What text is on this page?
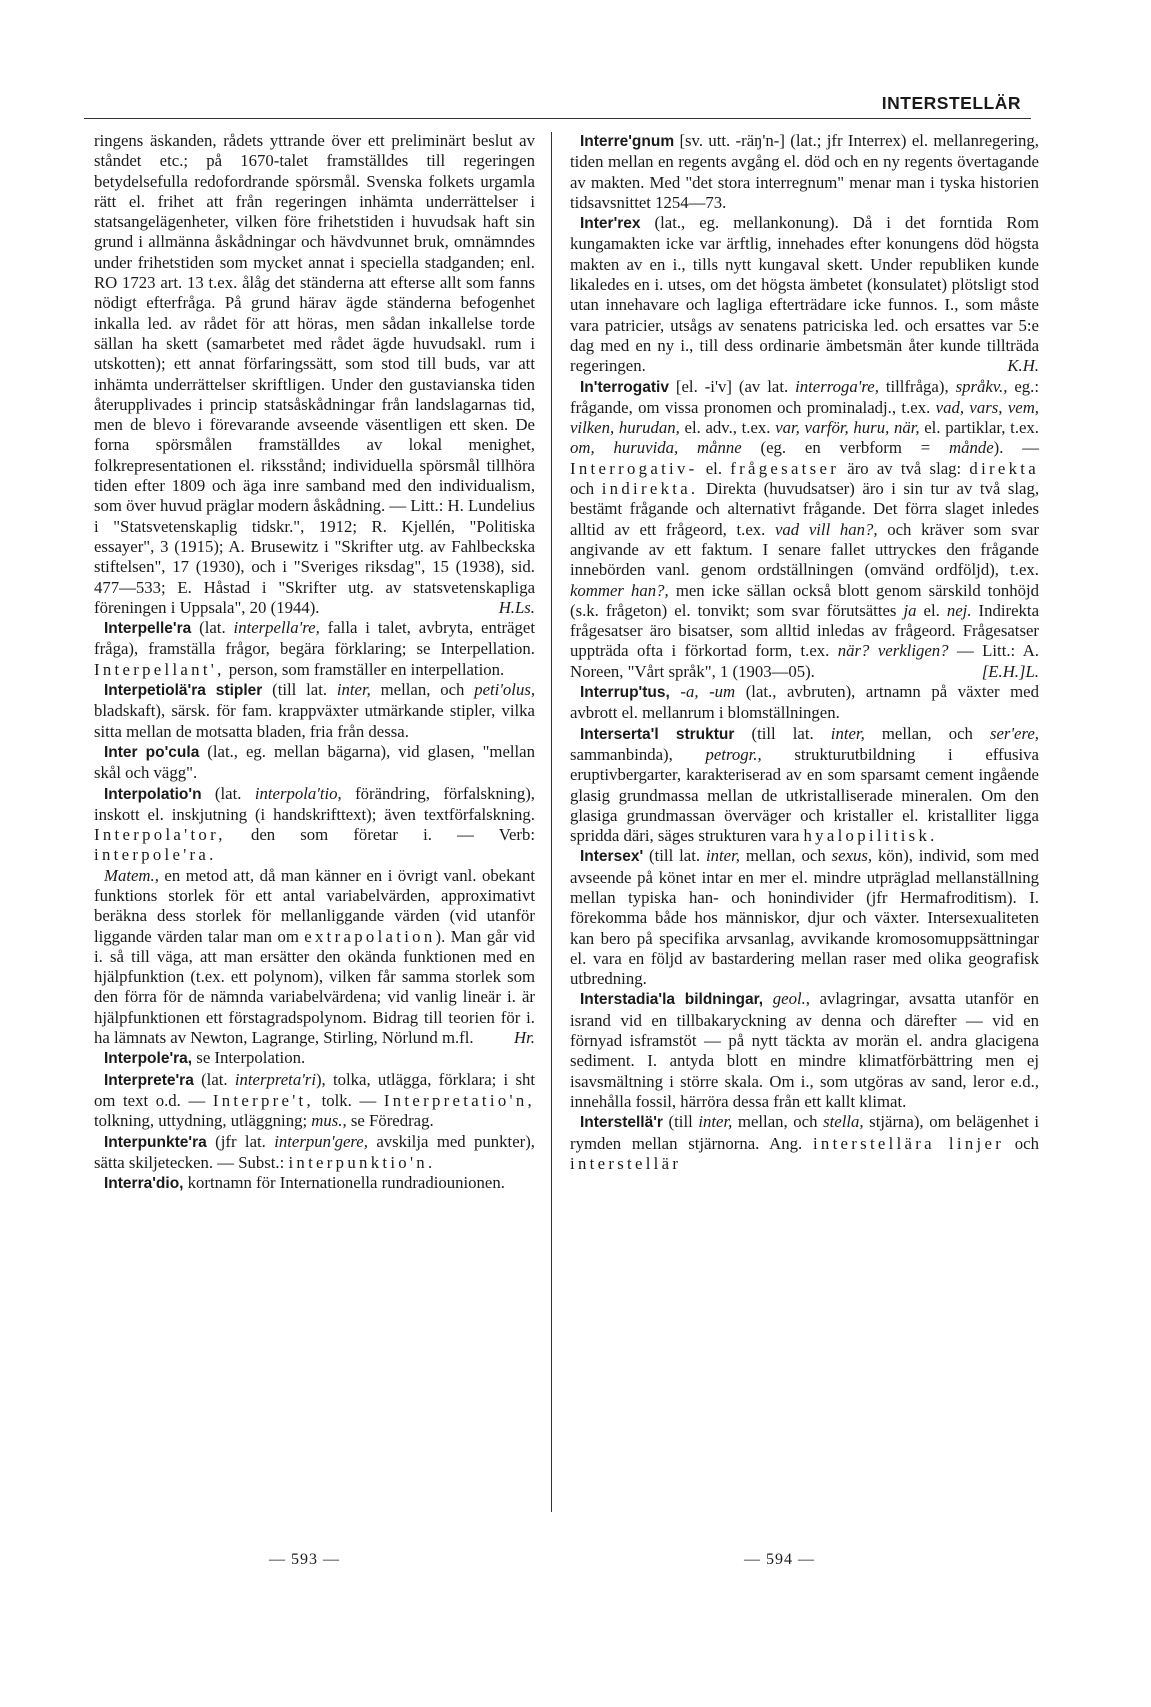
INTERSTELLÄR

ringens äskanden, rådets yttrande över ett preliminärt beslut av ståndet etc.; på 1670-talet framställdes till regeringen betydelsefulla redofordrande spörsmål. Svenska folkets urgamla rätt el. frihet att från regeringen inhämta underrättelser i statsangelägenheter, vilken före frihetstiden i huvudsak haft sin grund i allmänna åskådningar och hävdvunnet bruk, omnämndes under frihetstiden som mycket annat i speciella stadganden; enl. RO 1723 art. 13 t.ex. ålåg det ständerna att efterse allt som fanns nödigt efterfråga. På grund härav ägde ständerna befogenhet inkalla led. av rådet för att höras, men sådan inkallelse torde sällan ha skett (samarbetet med rådet ägde huvudsakl. rum i utskotten); ett annat förfaringssätt, som stod till buds, var att inhämta underrättelser skriftligen. Under den gustavianska tiden återupplivades i princip statsåskådningar från landslagarnas tid, men de blevo i förevarande avseende väsentligen ett sken. De forna spörsmålen framställdes av lokal menighet, folkrepresentationen el. riksstånd; individuella spörsmål tillhöra tiden efter 1809 och äga inre samband med den individualism, som över huvud präglar modern åskådning. — Litt.: H. Lundelius i "Statsvetenskaplig tidskr.", 1912; R. Kjellén, "Politiska essayer", 3 (1915); A. Brusewitz i "Skrifter utg. av Fahlbeckska stiftelsen", 17 (1930), och i "Sveriges riksdag", 15 (1938), sid. 477—533; E. Håstad i "Skrifter utg. av statsvetenskapliga föreningen i Uppsala", 20 (1944).	H.Ls.

Interpelle'ra (lat. interpella're, falla i talet, avbryta, enträget fråga), framställa frågor, begära förklaring; se Interpellation. Interpellant', person, som framställer en interpellation.

Interpetiolä'ra stipler (till lat. inter, mellan, och peti'olus, bladskaft), särsk. för fam. krappväxter utmärkande stipler, vilka sitta mellan de motsatta bladen, fria från dessa.

Inter po'cula (lat., eg. mellan bägarna), vid glasen, "mellan skål och vägg".

Interpolatio'n (lat. interpola'tio, förändring, förfalskning), inskott el. inskjutning (i handskrifttext); även textförfalskning. Interpola'tor, den som företar i. — Verb: interpole'ra.

Matem., en metod att, då man känner en i övrigt vanl. obekant funktions storlek för ett antal variabelvärden, approximativt beräkna dess storlek för mellanliggande värden (vid utanför liggande värden talar man om extrapolation). Man går vid i. så till väga, att man ersätter den okända funktionen med en hjälpfunktion (t.ex. ett polynom), vilken får samma storlek som den förra för de nämnda variabelvärdena; vid vanlig lineär i. är hjälpfunktionen ett förstagradspolynom. Bidrag till teorien för i. ha lämnats av Newton, Lagrange, Stirling, Nörlund m.fl.	Hr.

Interpole'ra, se Interpolation.

Interprete'ra (lat. interpreta'ri), tolka, utlägga, förklara; i sht om text o.d. — Interpre't, tolk. — Interpretatio'n, tolkning, uttydning, utläggning; mus., se Föredrag.

Interpunkte'ra (jfr lat. interpun'gere, avskilja med punkter), sätta skiljetecken. — Subst.: interpunktio'n.

Interra'dio, kortnamn för Internationella rundradiounionen.

Interre'gnum [sv. utt. -räŋ'n-] (lat.; jfr Interrex) el. mellanregering, tiden mellan en regents avgång el. död och en ny regents övertagande av makten. Med "det stora interregnum" menar man i tyska historien tidsavsnittet 1254—73.

Inter'rex (lat., eg. mellankonung). Då i det forntida Rom kungamakten icke var ärftlig, innehades efter konungens död högsta makten av en i., tills nytt kungaval skett. Under republiken kunde likaledes en i. utses, om det högsta ämbetet (konsulatet) plötsligt stod utan innehavare och lagliga efterträdare icke funnos. I., som måste vara patricier, utsågs av senatens patriciska led. och ersattes var 5:e dag med en ny i., till dess ordinarie ämbetsmän åter kunde tillträda regeringen.	K.H.

In'terrogativ [el. -i'v] (av lat. interroga're, tillfråga), språkv., eg.: frågande, om vissa pronomen och prominaladj., t.ex. vad, vars, vem, vilken, hurudan, el. adv., t.ex. var, varför, huru, när, el. partiklar, t.ex. om, huruvida, månne (eg. en verbform = månde). — Interrogativ- el. frågesatser äro av två slag: direkta och indirekta. Direkta (huvudsatser) äro i sin tur av två slag, bestämt frågande och alternativt frågande. Det förra slaget inledes alltid av ett frågeord, t.ex. vad vill han?, och kräver som svar angivande av ett faktum. I senare fallet uttryckes den frågande innebörden vanl. genom ordställningen (omvänd ordföljd), t.ex. kommer han?, men icke sällan också blott genom särskild tonhöjd (s.k. frågeton) el. tonvikt; som svar förutsättes ja el. nej. Indirekta frågesatser äro bisatser, som alltid inledas av frågeord. Frågesatser uppträda ofta i förkortad form, t.ex. när? verkligen? — Litt.: A. Noreen, "Vårt språk", 1 (1903—05).	[E.H.]L.

Interrup'tus, -a, -um (lat., avbruten), artnamn på växter med avbrott el. mellanrum i blomställningen.

Interserta'l struktur (till lat. inter, mellan, och ser'ere, sammanbinda), petrogr., strukturutbildning i effusiva eruptivbergarter, karakteriserad av en som sparsamt cement ingående glasig grundmassa mellan de utkristalliserade mineralen. Om den glasiga grundmassan överväger och kristaller el. kristalliter ligga spridda däri, säges strukturen vara hyalopilitisk.

Intersex' (till lat. inter, mellan, och sexus, kön), individ, som med avseende på könet intar en mer el. mindre utpräglad mellanställning mellan typiska han- och honindivider (jfr Hermafroditism). I. förekomma både hos människor, djur och växter. Intersexualiteten kan bero på specifika arvsanlag, avvikande kromosomuppsättningar el. vara en följd av bastardering mellan raser med olika geografisk utbredning.

Interstadia'la bildningar, geol., avlagringar, avsatta utanför en isrand vid en tillbakaryckning av denna och därefter — vid en förnyad isframstöt — på nytt täckta av morän el. andra glacigena sediment. I. antyda blott en mindre klimatförbättring men ej isavsmältning i större skala. Om i., som utgöras av sand, leror e.d., innehålla fossil, härröra dessa från ett kallt klimat.

Interstellä'r (till inter, mellan, och stella, stjärna), om belägenhet i rymden mellan stjärnorna. Ang. interstellära linjer och interstellär

— 593 —	— 594 —
